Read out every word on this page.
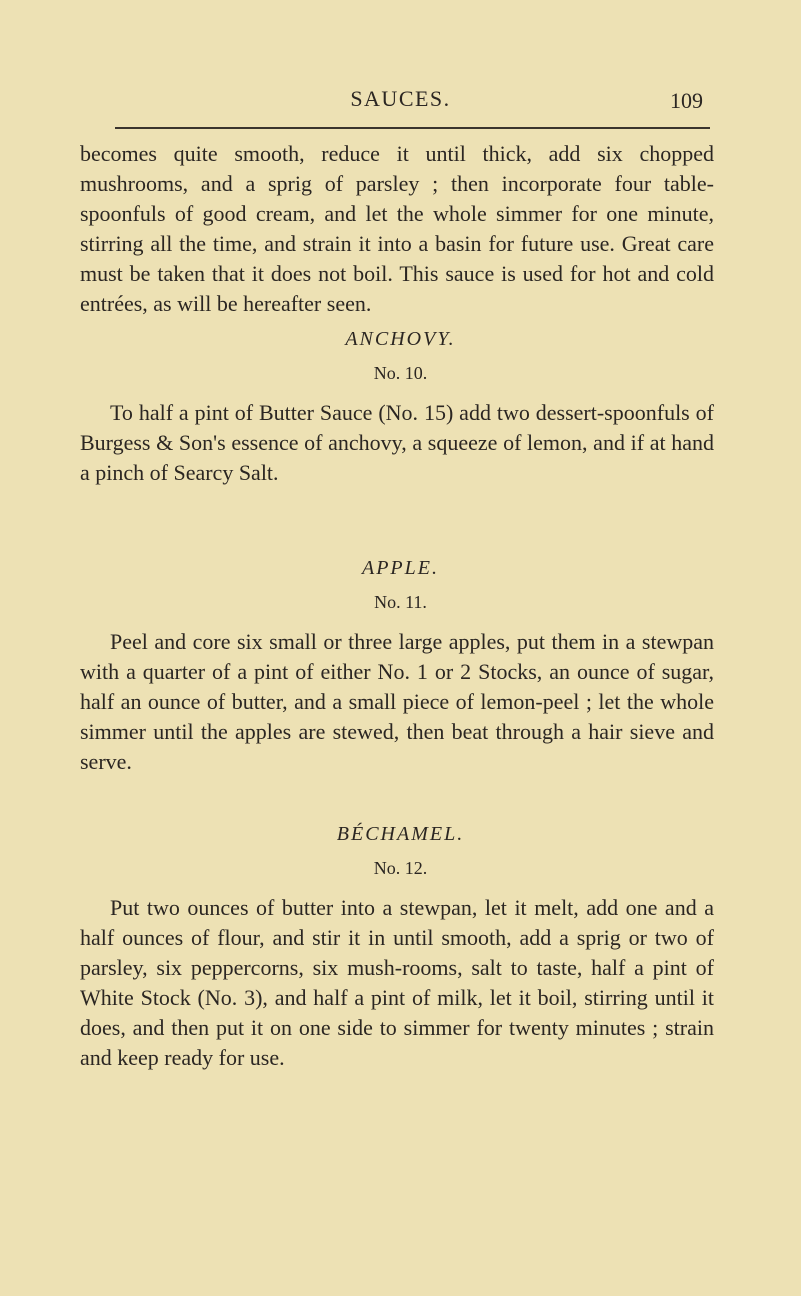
SAUCES.	109

becomes quite smooth, reduce it until thick, add six chopped mushrooms, and a sprig of parsley ; then incorporate four table-spoonfuls of good cream, and let the whole simmer for one minute, stirring all the time, and strain it into a basin for future use. Great care must be taken that it does not boil. This sauce is used for hot and cold entrées, as will be hereafter seen.

ANCHOVY.

No. 10.

To half a pint of Butter Sauce (No. 15) add two dessert-spoonfuls of Burgess & Son's essence of anchovy, a squeeze of lemon, and if at hand a pinch of Searcy Salt.

APPLE.

No. 11.

Peel and core six small or three large apples, put them in a stewpan with a quarter of a pint of either No. 1 or 2 Stocks, an ounce of sugar, half an ounce of butter, and a small piece of lemon-peel ; let the whole simmer until the apples are stewed, then beat through a hair sieve and serve.

BÉCHAMEL.

No. 12.

Put two ounces of butter into a stewpan, let it melt, add one and a half ounces of flour, and stir it in until smooth, add a sprig or two of parsley, six peppercorns, six mush-rooms, salt to taste, half a pint of White Stock (No. 3), and half a pint of milk, let it boil, stirring until it does, and then put it on one side to simmer for twenty minutes ; strain and keep ready for use.
